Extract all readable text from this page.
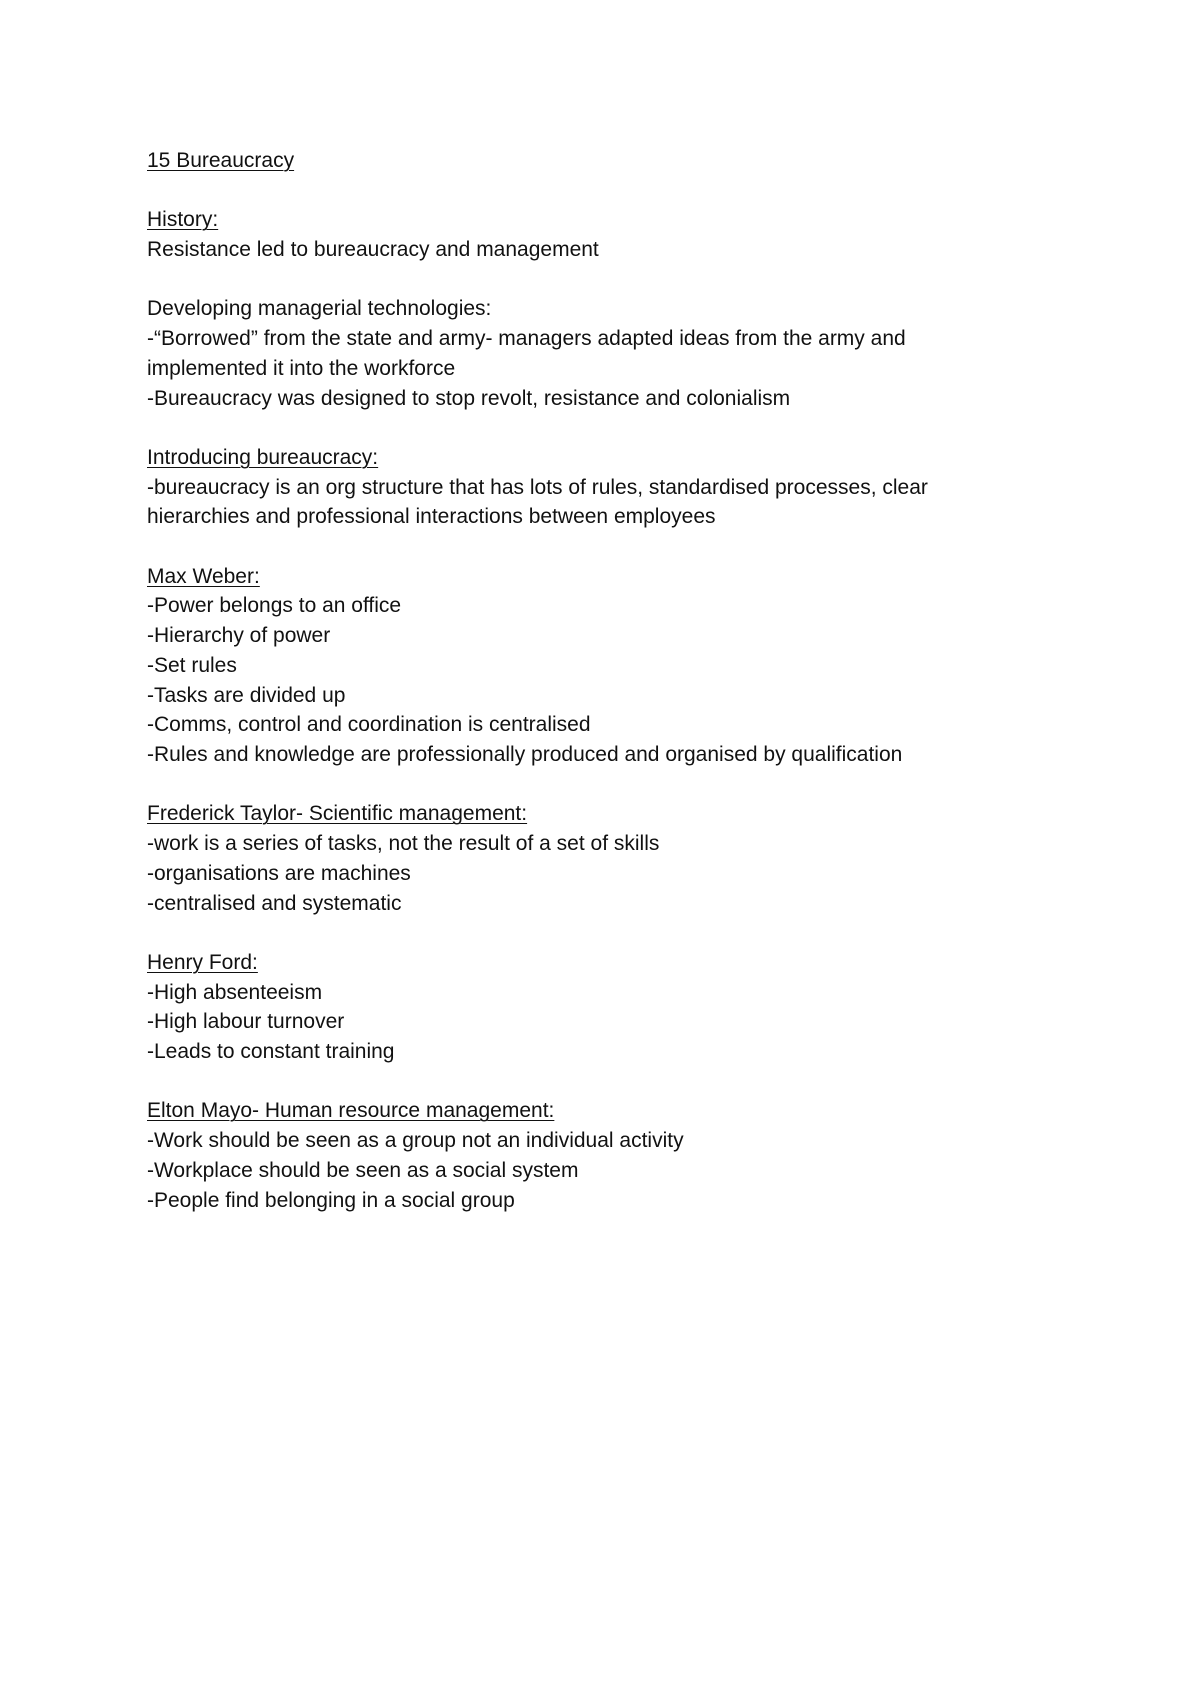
15 Bureaucracy
History:
Resistance led to bureaucracy and management
Developing managerial technologies:
-“Borrowed” from the state and army- managers adapted ideas from the army and
implemented it into the workforce
-Bureaucracy was designed to stop revolt, resistance and colonialism
Introducing bureaucracy:
-bureaucracy is an org structure that has lots of rules, standardised processes, clear
hierarchies and professional interactions between employees
Max Weber:
-Power belongs to an office
-Hierarchy of power
-Set rules
-Tasks are divided up
-Comms, control and coordination is centralised
-Rules and knowledge are professionally produced and organised by qualification
Frederick Taylor- Scientific management:
-work is a series of tasks, not the result of a set of skills
-organisations are machines
-centralised and systematic
Henry Ford:
-High absenteeism
-High labour turnover
-Leads to constant training
Elton Mayo- Human resource management:
-Work should be seen as a group not an individual activity
-Workplace should be seen as a social system
-People find belonging in a social group
